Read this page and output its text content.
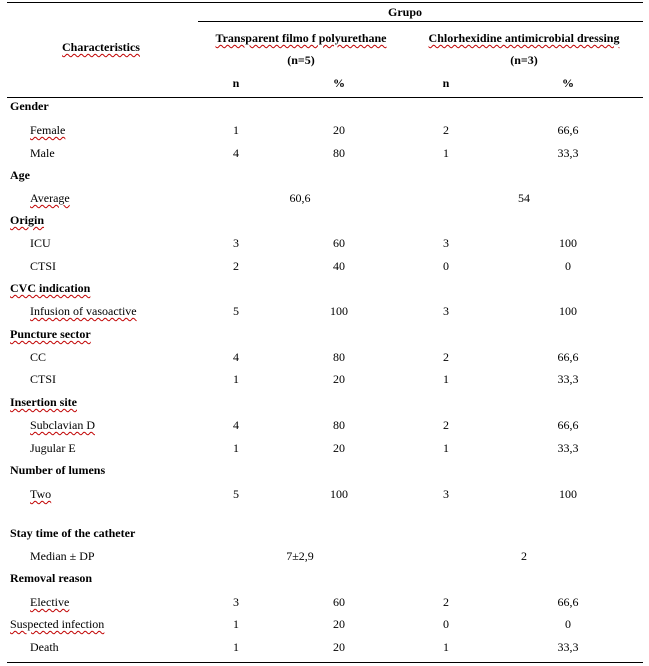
Grupo
Characteristics
Transparent filmo f polyurethane
(n=5)
Chlorhexidine antimicrobial dressing
(n=3)
n	%	n	%
Gender
Female	1	20	2	66,6
Male	4	80	1	33,3
Age
Average	60,6	54
Origin
ICU	3	60	3	100
CTSI	2	40	0	0
CVC indication
Infusion of vasoactive	5	100	3	100
Puncture sector
CC	4	80	2	66,6
CTSI	1	20	1	33,3
Insertion site
Subclavian D	4	80	2	66,6
Jugular E	1	20	1	33,3
Number of lumens
Two	5	100	3	100
Stay time of the catheter
Median ± DP	7±2,9	2
Removal reason
Elective	3	60	2	66,6
Suspected infection	1	20	0	0
Death	1	20	1	33,3
